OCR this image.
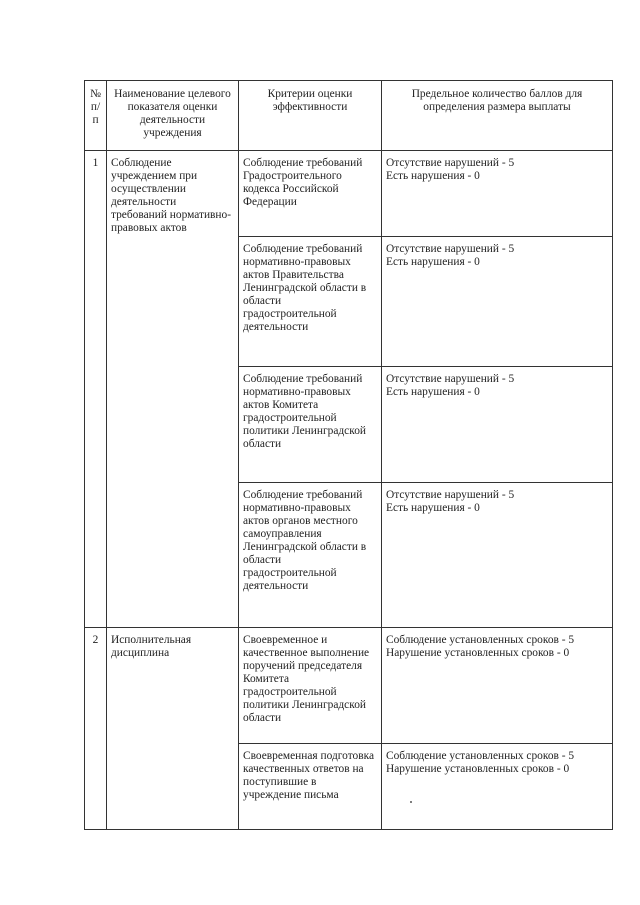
№ п/п	Наименование целевого показателя оценки деятельности учреждения	Критерии оценки эффективности	Предельное количество баллов для определения размера выплаты
1	Соблюдение учреждением при осуществлении деятельности требований нормативно-правовых актов	Соблюдение требований Градостроительного кодекса Российской Федерации	Отсутствие нарушений - 5
Есть нарушения - 0

		Соблюдение требований нормативно-правовых актов Правительства Ленинградской области в области градостроительной деятельности	Отсутствие нарушений - 5
Есть нарушения - 0

		Соблюдение требований нормативно-правовых актов Комитета градостроительной политики Ленинградской области	Отсутствие нарушений - 5
Есть нарушения - 0

		Соблюдение требований нормативно-правовых актов органов местного самоуправления Ленинградской области в области градостроительной деятельности	Отсутствие нарушений - 5
Есть нарушения - 0

2	Исполнительная дисциплина	Своевременное и качественное выполнение поручений председателя Комитета градостроительной политики Ленинградской области	Соблюдение установленных сроков - 5
Нарушение установленных сроков - 0

		Своевременная подготовка качественных ответов на поступившие в учреждение письма	Соблюдение установленных сроков - 5
Нарушение установленных сроков - 0
